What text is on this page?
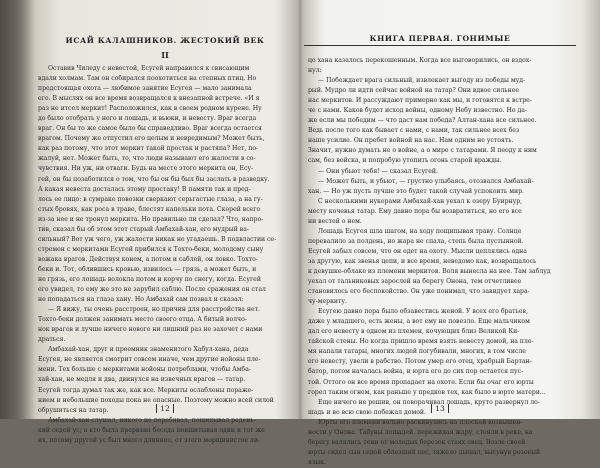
ИСАЙ КАЛАШНИКОВ. ЖЕСТОКИЙ ВЕК
II
Оставив Чиледу с невестой, Есугей направился к свисающим
вдали холмам. Там он собирался поохотиться на степных птиц. Но
предстоящая охота — любимое занятие Есугея — мало занимала
его. В мыслях он все время возвращался к внезапной встрече. «И я
раз не итсел меркит! Расположился, как в своем родном курене. Ну
до было отобрать у него и лошадь, и вьюки, и невесту. Враг всегда
враг. Он бы то же самое было бы справедливо. Враг всегда остается
врагом. Почему же отпустил его целым и невредимым? Может быть,
как раз потому, что этот меркит такой простак и растяпа? Нет, по-
жалуй, нет. Может быть, то, что люди называют его жалости в со-
чувствия. Ни уж, ни отваги. Будь на месте этого меркита он, Есу-
гей, он бы позаботился о том, что бы он бы был бы заслать в разведку.
А какая невеста досталась этому простаку! В памяти так и пред-
лось ее лицо: в сумраке повозки сверкают серьгастые глаза, а на гу-
стых бровях, как роса в траве, блестят капельки пота. Скорей всего
из-за нее и не тронул меркита. Но правильно ли сделал? Что, напро-
тив, сказал бы об этом этот старый Амбахай-хан, его мудрый ва-
сильный? Вот уж чего, уж жалости никак не угадаешь. В подвластии се-
стремен с меркитами Есугей прибился к Тохто-беки, молодому сыну
вожака врагов. Действуя конем, а потом и саблей, он ловко. Тохто-
беки и. Тот, облившись кровью, извилось — грязь, а может быть, и
не грязь, его лошадь волокла потом и корчу по снегу, когда. Есугей
его увидел, то ему же это не зарубил саблю. После сражения он стал
не попадаться на глаза хану. Но Амбахай сам позвал и сказал:
— Я вижу, ты очень расстроен, но причин для расстройства нет.
Тохто-беки должен занимать место своего отца. А битый волчо-
нок врагов и лучше ничего нового ни лишний раз не захочет с нами
драться.
Амбахай-хан, друг и преемник знаменитого Хабул-хана, деда
Есугея, не является смотрит совсем иначе, чем другие нойоны пле-
мени. Тех больше с меркитами нойоны потреблами, чтобы Амба-
хай-хан, не медля и два, двинулся на извечных врагов — татар.
Есугей тогда думал так же, как все. Меркиты ослаблены пораже-
нием и небольшие походы пока не опасные. Поэтому можно всей силой
обрушиться на татар.
Амбахай-хан слушал, никого не перебивал, пощипывал редень-
кий седой ус; а кто была прервана беседа поишитывая один и тот же
их, потому другой ус был много длиннее, от этого морщинистое ли-
12
КНИГА ПЕРВАЯ. ГОНИМЫЕ
цо хана казалось перекошенным. Когда все выговорились, он вздох-
нул:
— Побеждает врага сильный, извлекает выгоду из победы муд-
рый. Мудро ли идти сейчас войной на татар? Они вдвое сильнее
нас меркитов. И рассуждают примерно как мы, и готовятся к встре-
че с нами. Каков будет исход войны, одному Небу известно. Но да-
же если мы победим — что даст нам победа? Алтан-хана все сильнее.
Ведь после того как бывает с нами, с нами, так сильнее всех без
наше усилие. Он пребет войной на нас. Нам одним не устоять.
Значит, нужно думать не о войне, а о мире с татарами. Я пеоду к ним
сам, без войска, и попробую утопить огонь старой вражды.
— Они убьют тебя! — сказал Есугей.
— Может быть, и убьют, — грустно улыбаясь, отозвался Амбахай-
хан. — Но уж пусть лучше это будет такой случай успокоить мир.
С несколькими нукерами Амбахай-хан уехал к озеру Буирнур,
месту кочевья татар. Ему давно пора бы возвратиться, но его все
ни вестей о нем.
Лошадь Есугея шла шагом, на ходу пощипывая траву. Солнце
перевалило за полдень, но жара не спала, степь была пустынной.
Есугей забыл совсем, что он едет на охоту. Мысли цеплялись одна
за другую, как звенья цепи, и все время, неведомо как, возвращалось
к девушке-облаке из племени меркитов. Воля вынесла на нее. Там заблуд
уехал от тальниковых зарослей на берегу Онона, тем отчетливее
становилось его беспокойство. Он уже понимал, что завидует хара-
чу-меркиту.
Есугею давно пора было обзавестись женой. У всех его братьев,
даже у младшего, есть жены, а вот ему не повезло. Еще мальчиком
дал его невесту в одном из племен, кочующих близ Великой Ки-
тайской стены. Но когда пришло время взять невесту домой, на пле-
мя напали татары, многих людей погубивали, многих, в том числе
его невесту, увели в рабство. Потом умер его отец, храбрый Бартан-
батор, потом началась война, и юрта его до сих пор остается пус-
той. Оттого он все время пропадает на охоте. Если бы очаг его юрты
горел таким огнем, как раньше у предков тех, как было в юрте матери...
Еще ничего не решив, он поворачивал лошадь, круто развернул ло-
шадь и во всю свою побежал домой.
Юрты его племени вольно раскинулись на плоской возвышен-
ности у Онона. Табуны лошадей, пережидая жару, стояли в реке, на
берегу валялись тени от молодых березок стаях овец. Возле своей
юрты сидел сын седой облезший пес, тяжело дышал, высунув розовый
язык.
13
